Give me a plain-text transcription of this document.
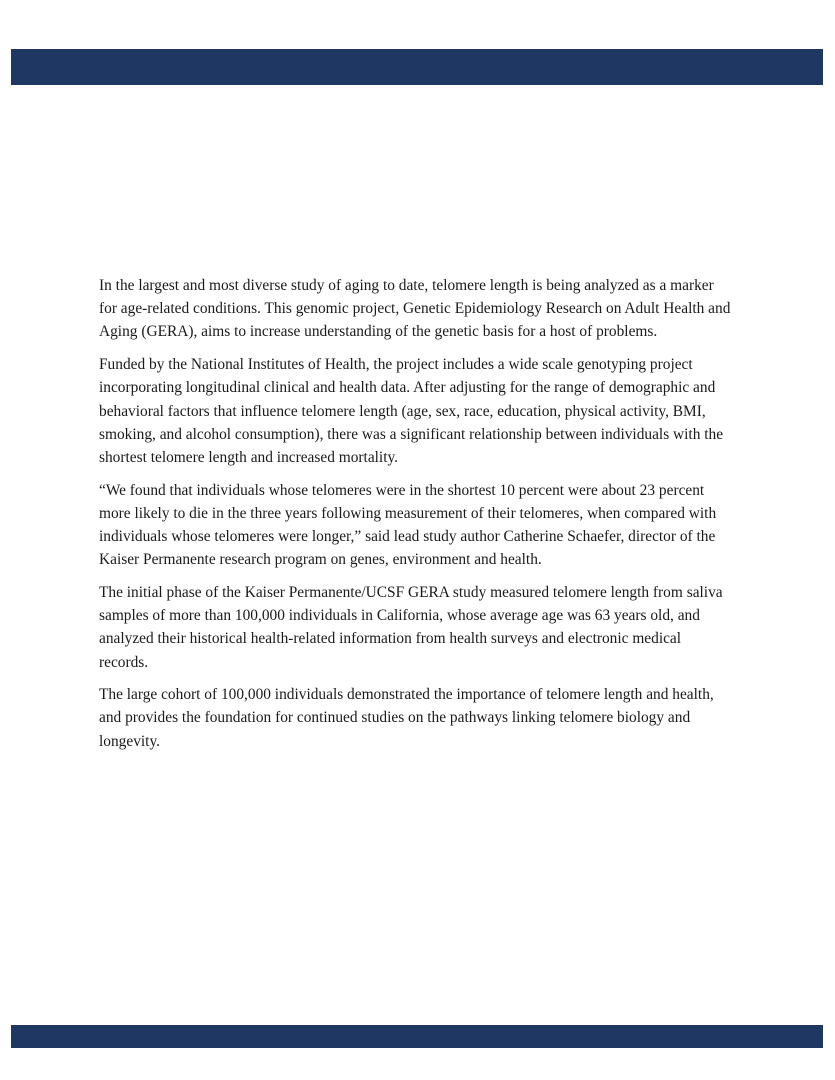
In the largest and most diverse study of aging to date, telomere length is being analyzed as a marker for age-related conditions. This genomic project, Genetic Epidemiology Research on Adult Health and Aging (GERA), aims to increase understanding of the genetic basis for a host of problems.

Funded by the National Institutes of Health, the project includes a wide scale genotyping project incorporating longitudinal clinical and health data. After adjusting for the range of demographic and behavioral factors that influence telomere length (age, sex, race, education, physical activity, BMI, smoking, and alcohol consumption), there was a significant relationship between individuals with the shortest telomere length and increased mortality.

“We found that individuals whose telomeres were in the shortest 10 percent were about 23 percent more likely to die in the three years following measurement of their telomeres, when compared with individuals whose telomeres were longer,” said lead study author Catherine Schaefer, director of the Kaiser Permanente research program on genes, environment and health.

The initial phase of the Kaiser Permanente/UCSF GERA study measured telomere length from saliva samples of more than 100,000 individuals in California, whose average age was 63 years old, and analyzed their historical health-related information from health surveys and electronic medical records.

The large cohort of 100,000 individuals demonstrated the importance of telomere length and health, and provides the foundation for continued studies on the pathways linking telomere biology and longevity.
